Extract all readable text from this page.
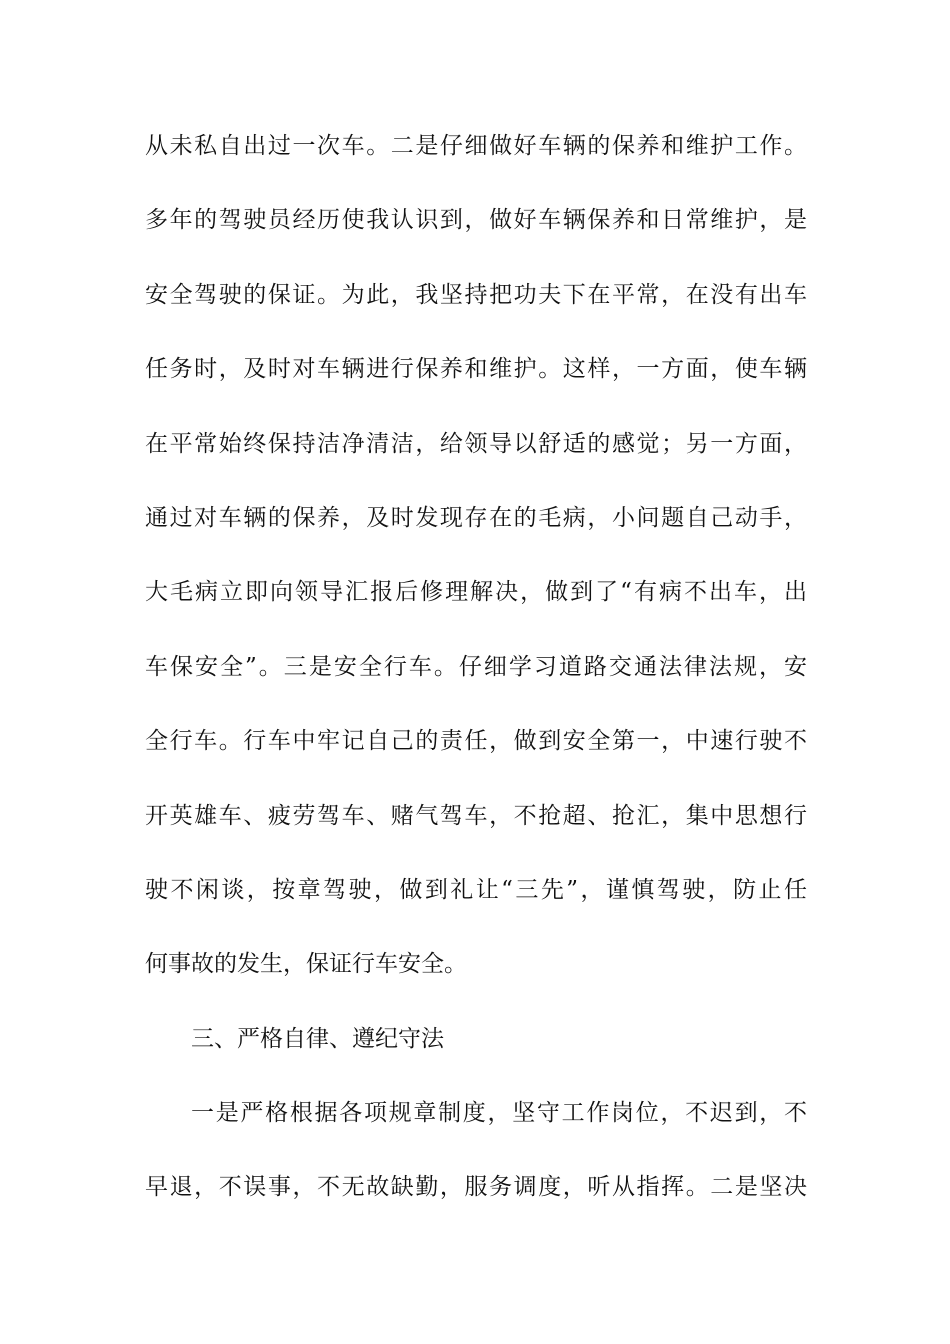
从未私自出过一次车。二是仔细做好车辆的保养和维护工作。
多年的驾驶员经历使我认识到，做好车辆保养和日常维护，是
安全驾驶的保证。为此，我坚持把功夫下在平常，在没有出车
任务时，及时对车辆进行保养和维护。这样，一方面，使车辆
在平常始终保持洁净清洁，给领导以舒适的感觉；另一方面，
通过对车辆的保养，及时发现存在的毛病，小问题自己动手，
大毛病立即向领导汇报后修理解决，做到了“有病不出车，出
车保安全”。三是安全行车。仔细学习道路交通法律法规，安
全行车。行车中牢记自己的责任，做到安全第一，中速行驶不
开英雄车、疲劳驾车、赌气驾车，不抢超、抢汇，集中思想行
驶不闲谈，按章驾驶，做到礼让“三先”，谨慎驾驶，防止任
何事故的发生，保证行车安全。
三、严格自律、遵纪守法
一是严格根据各项规章制度，坚守工作岗位，不迟到，不
早退，不误事，不无故缺勤，服务调度，听从指挥。二是坚决
